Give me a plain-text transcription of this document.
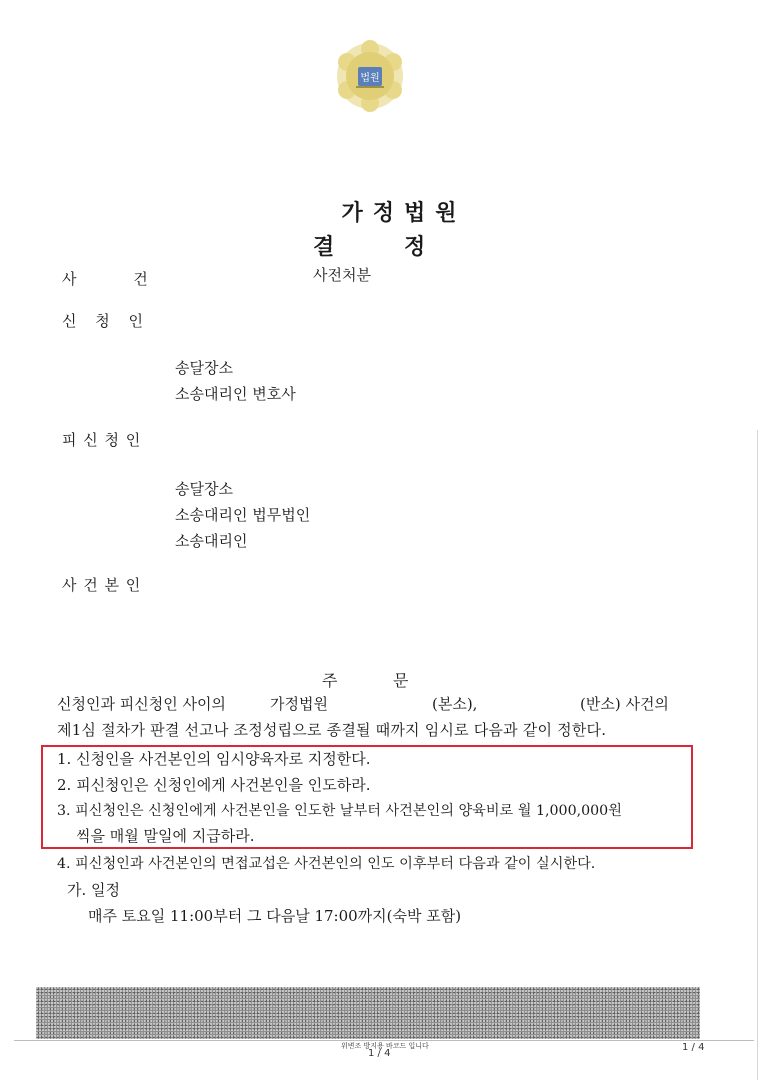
법원
가정법원
결	정
사 건	사전처분
신 청 인
송달장소
소송대리인 변호사
피 신 청 인
송달장소
소송대리인 법무법인
소송대리인
사 건 본 인
주	문
신청인과 피신청인 사이의	가정법원	(본소),	(반소) 사건의
제1심 절차가 판결 선고나 조정성립으로 종결될 때까지 임시로 다음과 같이 정한다.
1. 신청인을 사건본인의 임시양육자로 지정한다.
2. 피신청인은 신청인에게 사건본인을 인도하라.
3. 피신청인은 신청인에게 사건본인을 인도한 날부터 사건본인의 양육비로 월 1,000,000원
씩을 매월 말일에 지급하라.
4. 피신청인과 사건본인의 면접교섭은 사건본인의 인도 이후부터 다음과 같이 실시한다.
가. 일정
매주 토요일 11:00부터 그 다음날 17:00까지(숙박 포함)
위변조 방지용 바코드 입니다
1 / 4
1 / 4
